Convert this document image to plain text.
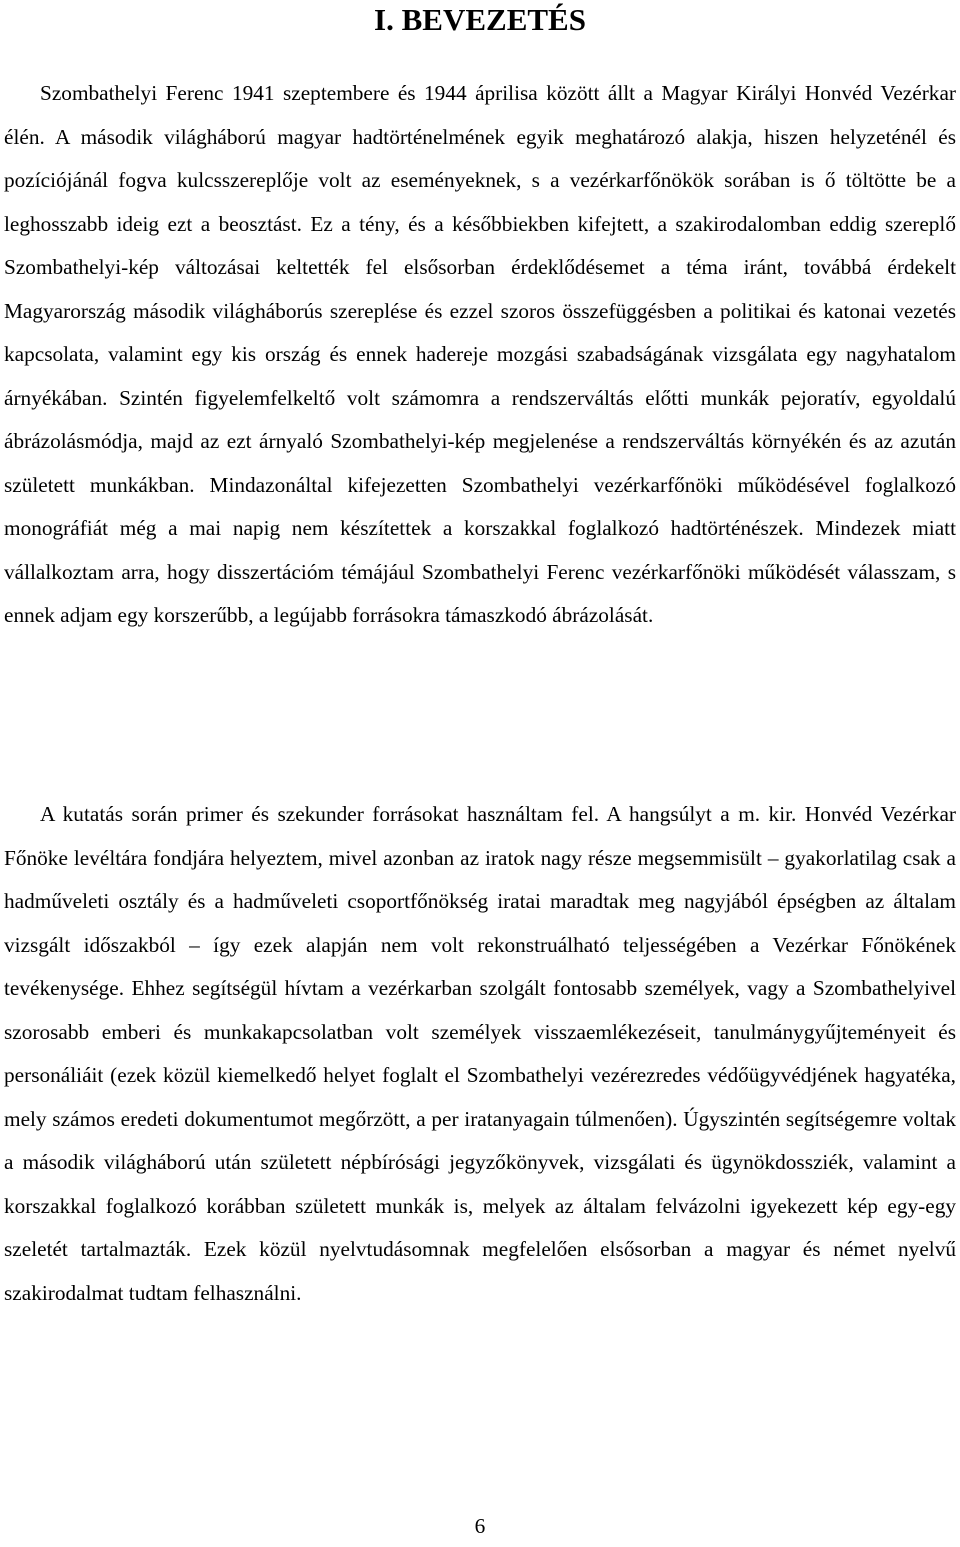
I. BEVEZETÉS

Szombathelyi Ferenc 1941 szeptembere és 1944 áprilisa között állt a Magyar Királyi Honvéd Vezérkar élén. A második világháború magyar hadtörténelmének egyik meghatározó alakja, hiszen helyzeténél és pozíciójánál fogva kulcsszereplője volt az eseményeknek, s a vezérkarfőnökök sorában is ő töltötte be a leghosszabb ideig ezt a beosztást. Ez a tény, és a későbbiekben kifejtett, a szakirodalomban eddig szereplő Szombathelyi-kép változásai keltették fel elsősorban érdeklődésemet a téma iránt, továbbá érdekelt Magyarország második világháborús szereplése és ezzel szoros összefüggésben a politikai és katonai vezetés kapcsolata, valamint egy kis ország és ennek hadereje mozgási szabadságának vizsgálata egy nagyhatalom árnyékában. Szintén figyelemfelkeltő volt számomra a rendszerváltás előtti munkák pejoratív, egyoldalú ábrázolásmódja, majd az ezt árnyaló Szombathelyi-kép megjelenése a rendszerváltás környékén és az azután született munkákban. Mindazonáltal kifejezetten Szombathelyi vezérkarfőnöki működésével foglalkozó monográfiát még a mai napig nem készítettek a korszakkal foglalkozó hadtörténészek. Mindezek miatt vállalkoztam arra, hogy disszertációm témájául Szombathelyi Ferenc vezérkarfőnöki működését válasszam, s ennek adjam egy korszerűbb, a legújabb forrásokra támaszkodó ábrázolását.

A kutatás során primer és szekunder forrásokat használtam fel. A hangsúlyt a m. kir. Honvéd Vezérkar Főnöke levéltára fondjára helyeztem, mivel azonban az iratok nagy része megsemmisült – gyakorlatilag csak a hadműveleti osztály és a hadműveleti csoportfőnökség iratai maradtak meg nagyjából épségben az általam vizsgált időszakból – így ezek alapján nem volt rekonstruálható teljességében a Vezérkar Főnökének tevékenysége. Ehhez segítségül hívtam a vezérkarban szolgált fontosabb személyek, vagy a Szombathelyivel szorosabb emberi és munkakapcsolatban volt személyek visszaemlékezéseit, tanulmánygyűjteményeit és personáliáit (ezek közül kiemelkedő helyet foglalt el Szombathelyi vezérezredes védőügyvédjének hagyatéka, mely számos eredeti dokumentumot megőrzött, a per iratanyagain túlmenően). Úgyszintén segítségemre voltak a második világháború után született népbírósági jegyzőkönyvek, vizsgálati és ügynökdossziék, valamint a korszakkal foglalkozó korábban született munkák is, melyek az általam felvázolni igyekezett kép egy-egy szeletét tartalmazták. Ezek közül nyelvtudásomnak megfelelően elsősorban a magyar és német nyelvű szakirodalmat tudtam felhasználni.

6
